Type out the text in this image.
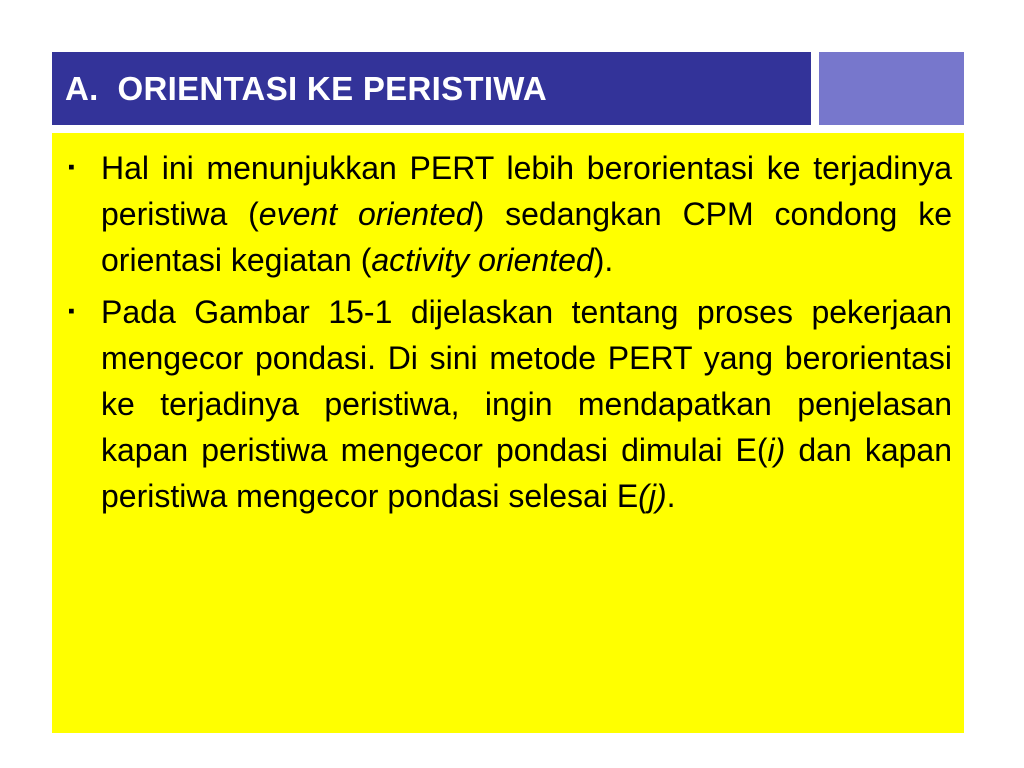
A.  ORIENTASI KE PERISTIWA
▪ Hal ini menunjukkan PERT lebih berorientasi ke terjadinya peristiwa (event oriented) sedangkan CPM condong ke orientasi kegiatan (activity oriented).
▪ Pada Gambar 15-1 dijelaskan tentang proses pekerjaan mengecor pondasi. Di sini metode PERT yang berorientasi ke terjadinya peristiwa, ingin mendapatkan penjelasan kapan peristiwa mengecor pondasi dimulai E(i) dan kapan peristiwa mengecor pondasi selesai E(j).
